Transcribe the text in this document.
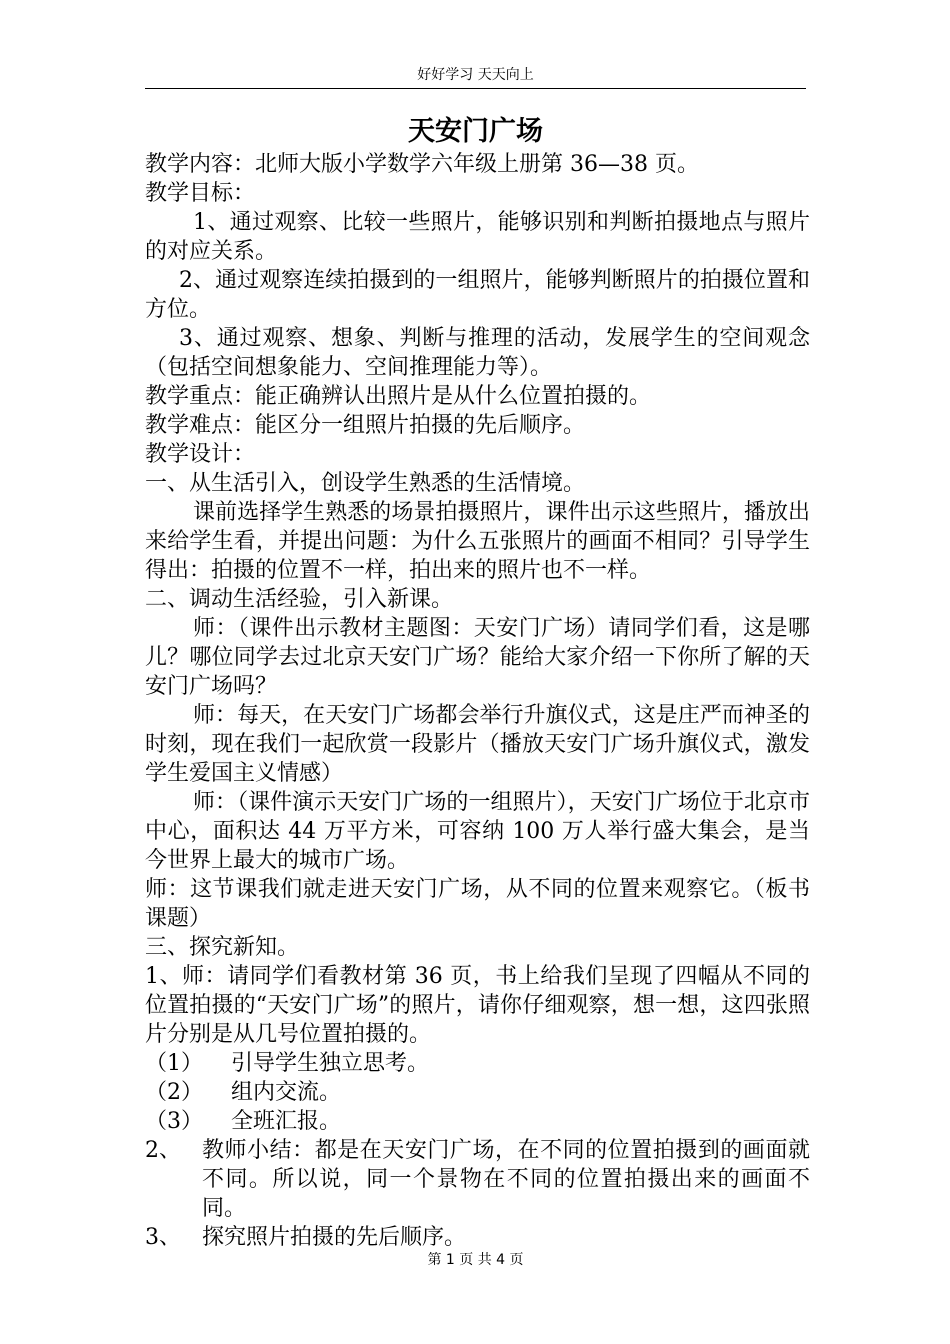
好好学习 天天向上
天安门广场

教学内容：北师大版小学数学六年级上册第 36—38 页。

教学目标：

1、通过观察、比较一些照片，能够识别和判断拍摄地点与照片的对应关系。

2、通过观察连续拍摄到的一组照片，能够判断照片的拍摄位置和方位。

3、通过观察、想象、判断与推理的活动，发展学生的空间观念（包括空间想象能力、空间推理能力等）。

教学重点：能正确辨认出照片是从什么位置拍摄的。

教学难点：能区分一组照片拍摄的先后顺序。

教学设计：

一、从生活引入，创设学生熟悉的生活情境。

课前选择学生熟悉的场景拍摄照片，课件出示这些照片，播放出来给学生看，并提出问题：为什么五张照片的画面不相同？引导学生得出：拍摄的位置不一样，拍出来的照片也不一样。

二、调动生活经验，引入新课。

师：（课件出示教材主题图：天安门广场）请同学们看，这是哪儿？哪位同学去过北京天安门广场？能给大家介绍一下你所了解的天安门广场吗？

师：每天，在天安门广场都会举行升旗仪式，这是庄严而神圣的时刻，现在我们一起欣赏一段影片（播放天安门广场升旗仪式，激发学生爱国主义情感）

师：（课件演示天安门广场的一组照片），天安门广场位于北京市中心，面积达 44 万平方米，可容纳 100 万人举行盛大集会，是当今世界上最大的城市广场。

师：这节课我们就走进天安门广场，从不同的位置来观察它。（板书课题）

三、探究新知。

1、师：请同学们看教材第 36 页，书上给我们呈现了四幅从不同的位置拍摄的“天安门广场”的照片，请你仔细观察，想一想，这四张照片分别是从几号位置拍摄的。

（1） 引导学生独立思考。

（2） 组内交流。

（3） 全班汇报。

2、 教师小结：都是在天安门广场，在不同的位置拍摄到的画面就不同。所以说，同一个景物在不同的位置拍摄出来的画面不同。
3、 探究照片拍摄的先后顺序。
第 1 页 共 4 页
